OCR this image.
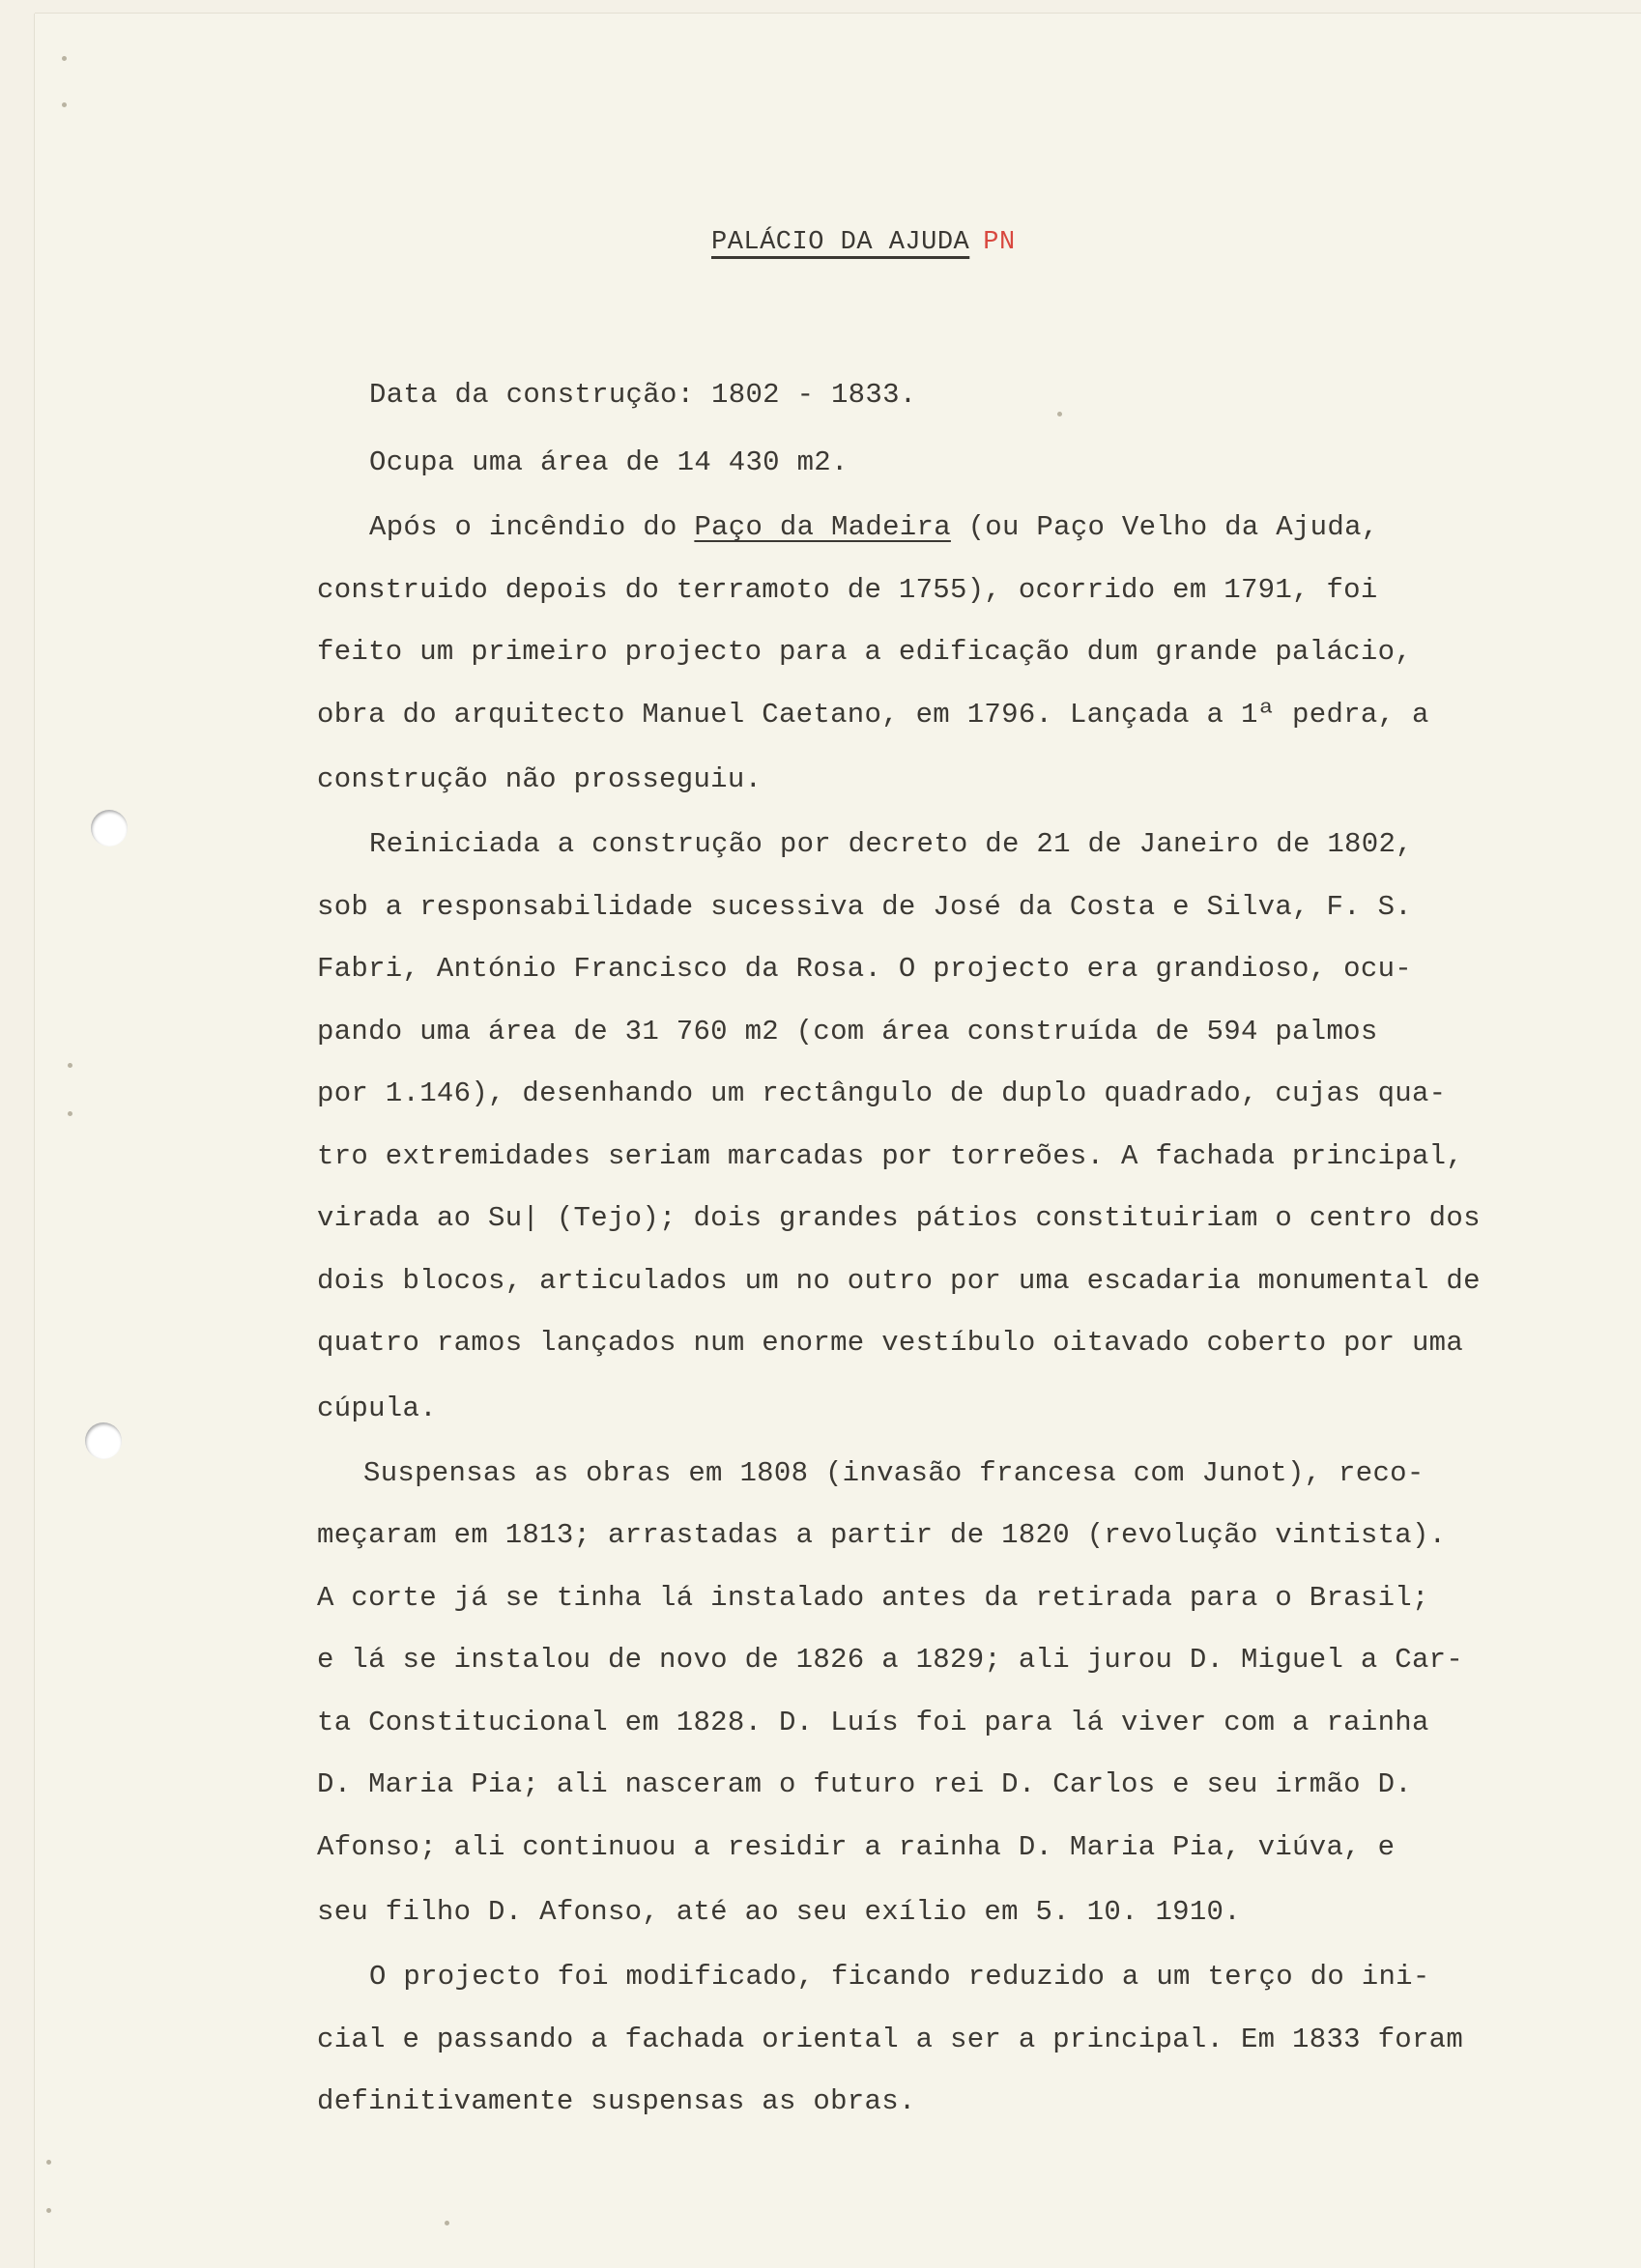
PALÁCIO DA AJUDA PN
Data da construção: 1802 - 1833.
Ocupa uma área de 14 430 m2.
Após o incêndio do Paço da Madeira (ou Paço Velho da Ajuda,
construido depois do terramoto de 1755), ocorrido em 1791, foi
feito um primeiro projecto para a edificação dum grande palácio,
obra do arquitecto Manuel Caetano, em 1796. Lançada a 1ª pedra, a
construção não prosseguiu.
Reiniciada a construção por decreto de 21 de Janeiro de 1802,
sob a responsabilidade sucessiva de José da Costa e Silva, F. S.
Fabri, António Francisco da Rosa. O projecto era grandioso, ocu-
pando uma área de 31 760 m2 (com área construída de 594 palmos
por 1.146), desenhando um rectângulo de duplo quadrado, cujas qua-
tro extremidades seriam marcadas por torreões. A fachada principal,
virada ao Su| (Tejo); dois grandes pátios constituiriam o centro dos
dois blocos, articulados um no outro por uma escadaria monumental de
quatro ramos lançados num enorme vestíbulo oitavado coberto por uma
cúpula.
Suspensas as obras em 1808 (invasão francesa com Junot), reco-
meçaram em 1813; arrastadas a partir de 1820 (revolução vintista).
A corte já se tinha lá instalado antes da retirada para o Brasil;
e lá se instalou de novo de 1826 a 1829; ali jurou D. Miguel a Car-
ta Constitucional em 1828. D. Luís foi para lá viver com a rainha
D. Maria Pia; ali nasceram o futuro rei D. Carlos e seu irmão D.
Afonso; ali continuou a residir a rainha D. Maria Pia, viúva, e
seu filho D. Afonso, até ao seu exílio em 5. 10. 1910.
O projecto foi modificado, ficando reduzido a um terço do ini-
cial e passando a fachada oriental a ser a principal. Em 1833 foram
definitivamente suspensas as obras.
